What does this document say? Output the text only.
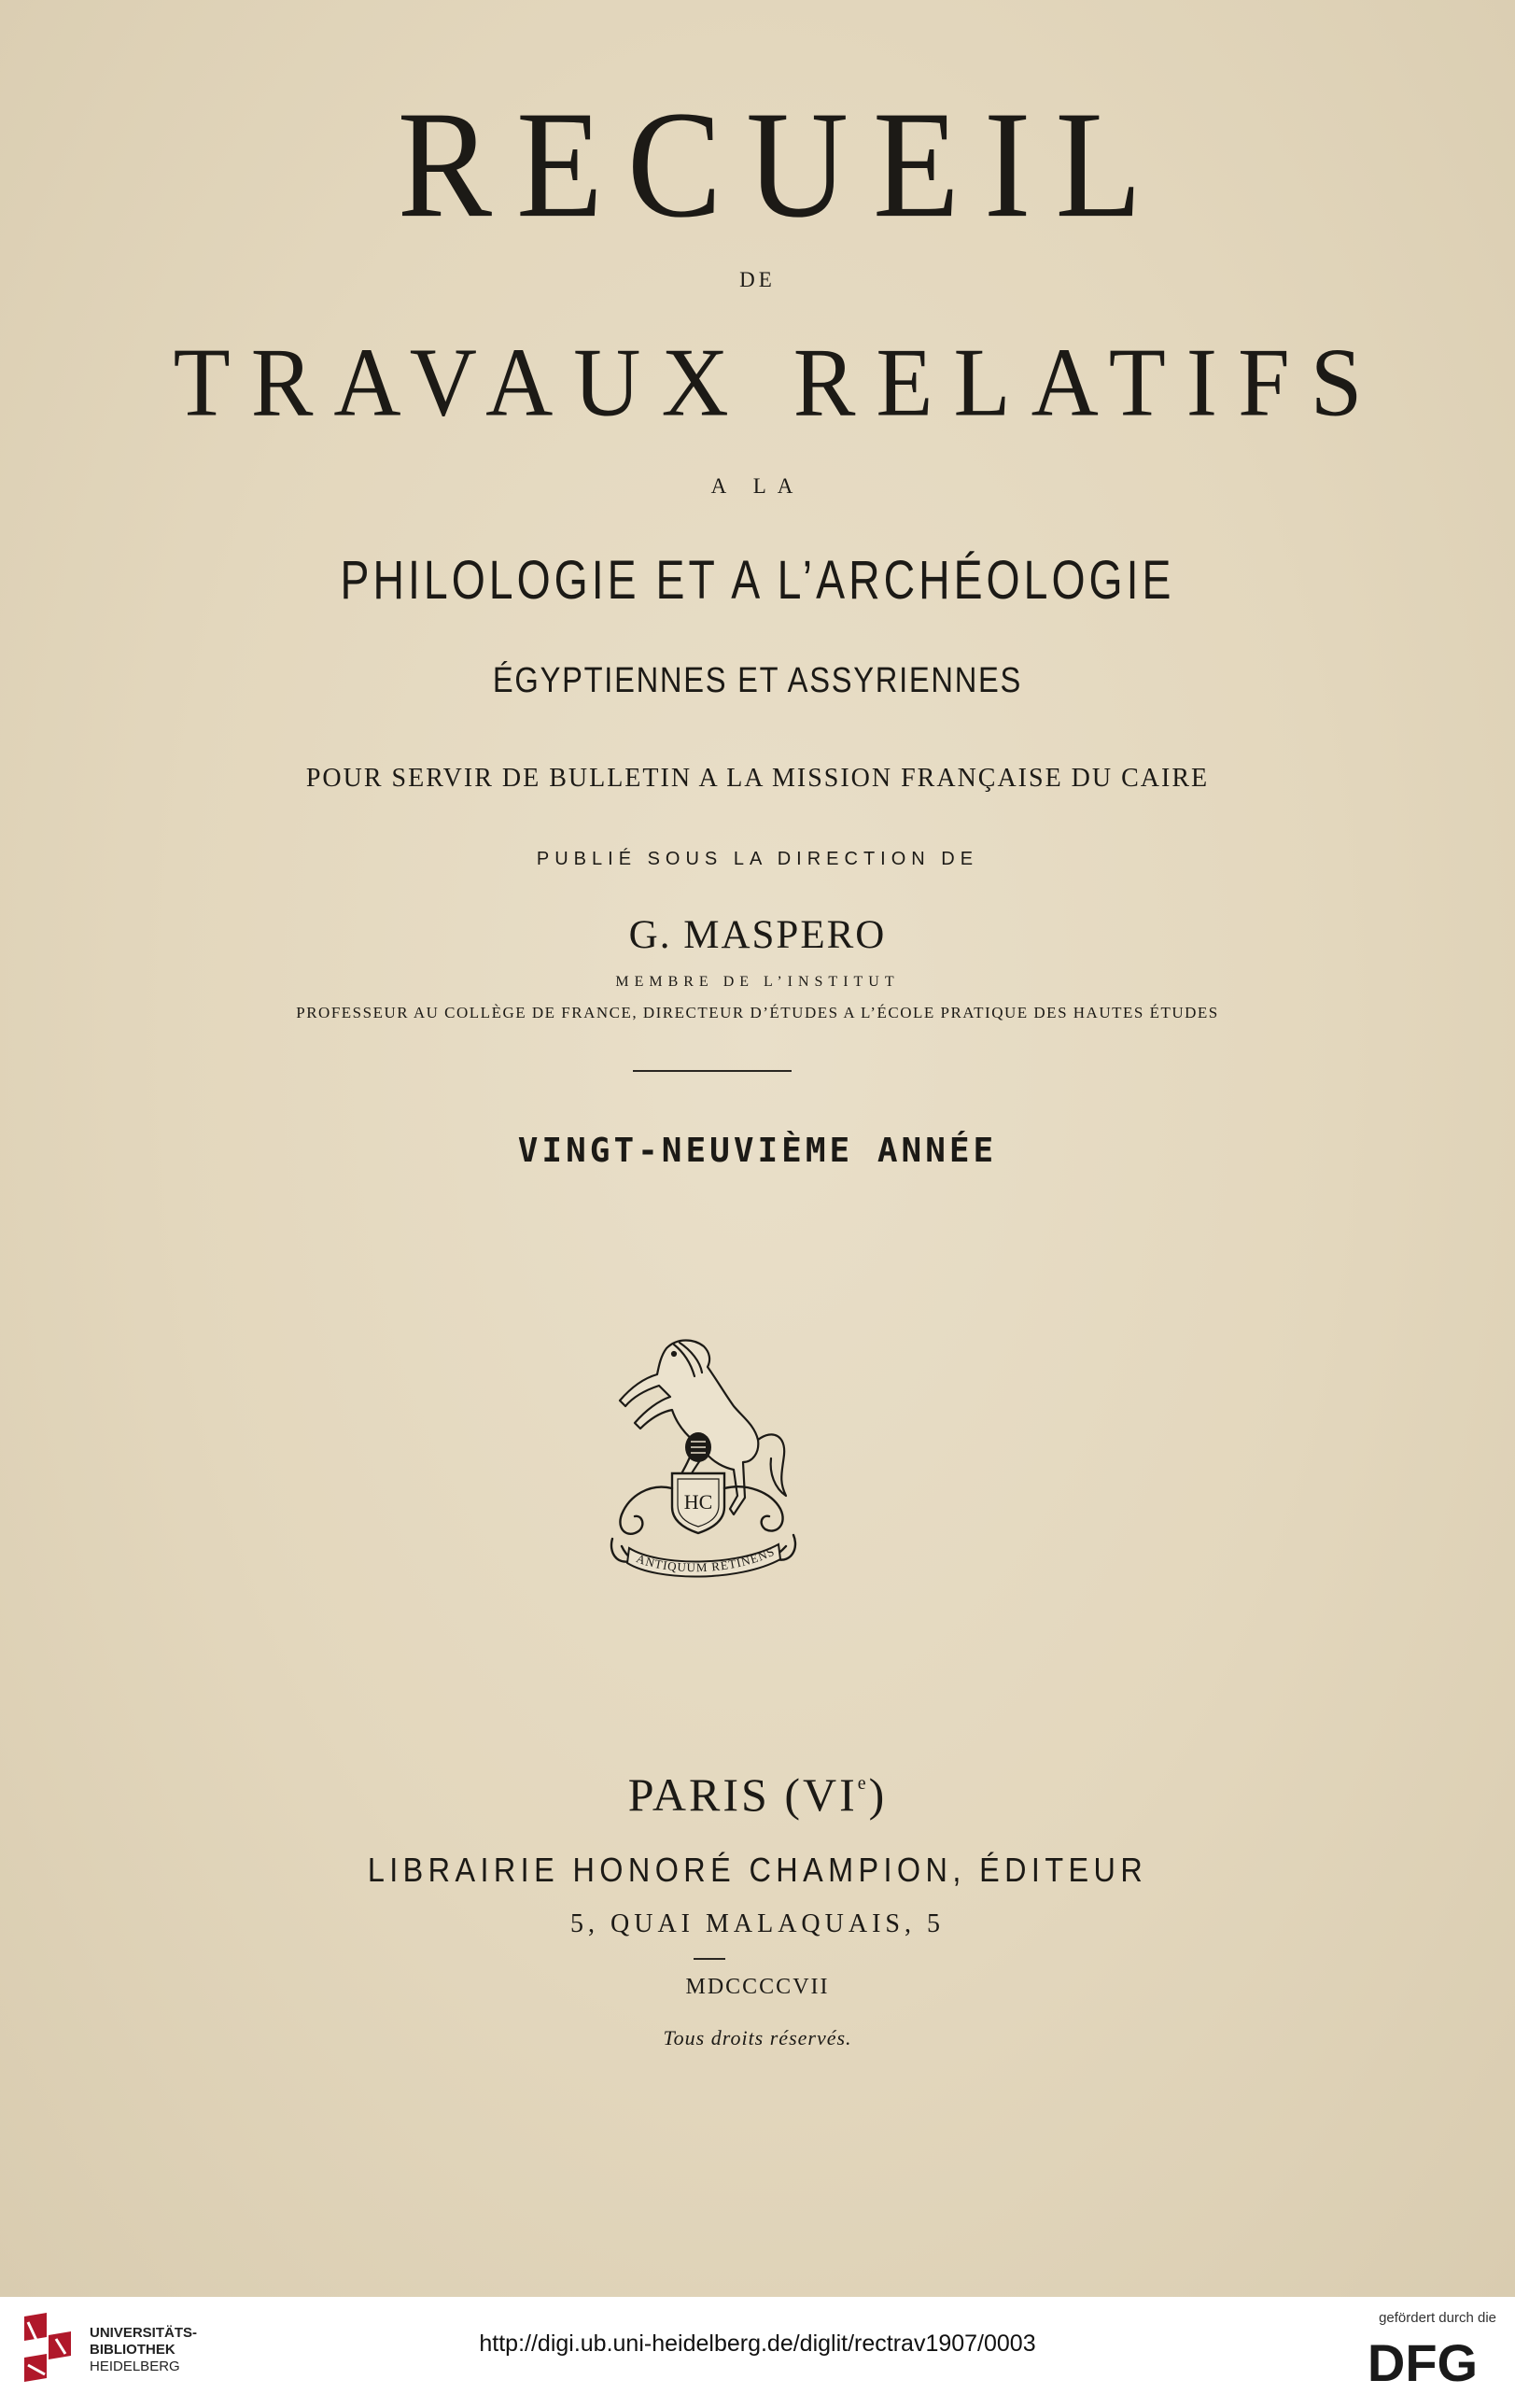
RECUEIL
DE
TRAVAUX RELATIFS
A LA
PHILOLOGIE ET A L’ARCHÉOLOGIE
ÉGYPTIENNES ET ASSYRIENNES
POUR SERVIR DE BULLETIN A LA MISSION FRANÇAISE DU CAIRE
PUBLIÉ SOUS LA DIRECTION DE
G. MASPERO
MEMBRE DE L’INSTITUT
PROFESSEUR AU COLLÈGE DE FRANCE, DIRECTEUR D’ÉTUDES A L’ÉCOLE PRATIQUE DES HAUTES ÉTUDES
VINGT-NEUVIÈME ANNÉE
HC
ANTIQUUM RETINENS
PARIS (VIe)
LIBRAIRIE HONORÉ CHAMPION, ÉDITEUR
5, QUAI MALAQUAIS, 5
MDCCCCVII
Tous droits réservés.
UNIVERSITÄTS-
BIBLIOTHEK
HEIDELBERG
http://digi.ub.uni-heidelberg.de/diglit/rectrav1907/0003
gefördert durch die
DFG
